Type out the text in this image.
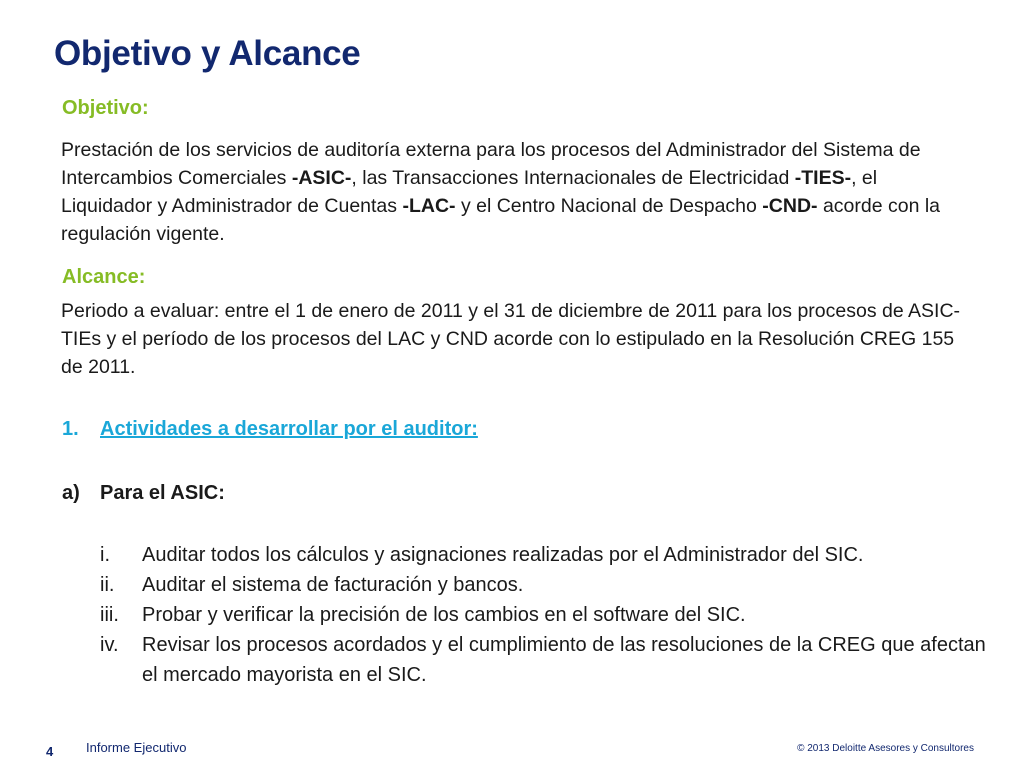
Objetivo y Alcance
Objetivo:

Prestación de los servicios de auditoría externa para los procesos del Administrador del Sistema de Intercambios Comerciales -ASIC-, las Transacciones Internacionales de Electricidad -TIES-, el Liquidador y Administrador de Cuentas -LAC- y el Centro Nacional de Despacho -CND- acorde con la regulación vigente.

Alcance:

Periodo a evaluar: entre el 1 de enero de 2011 y el 31 de diciembre de 2011 para los procesos de ASIC-TIEs y el período de los procesos del LAC y CND acorde con lo estipulado en la Resolución CREG 155 de 2011.

1. Actividades a desarrollar por el auditor:
a) Para el ASIC:
i. Auditar todos los cálculos y asignaciones realizadas por el Administrador del SIC.
ii. Auditar el sistema de facturación y bancos.
iii. Probar y verificar la precisión de los cambios en el software del SIC.
iv. Revisar los procesos acordados y el cumplimiento de las resoluciones de la CREG que afectan el mercado mayorista en el SIC.
4	Informe Ejecutivo	© 2013 Deloitte Asesores y Consultores
